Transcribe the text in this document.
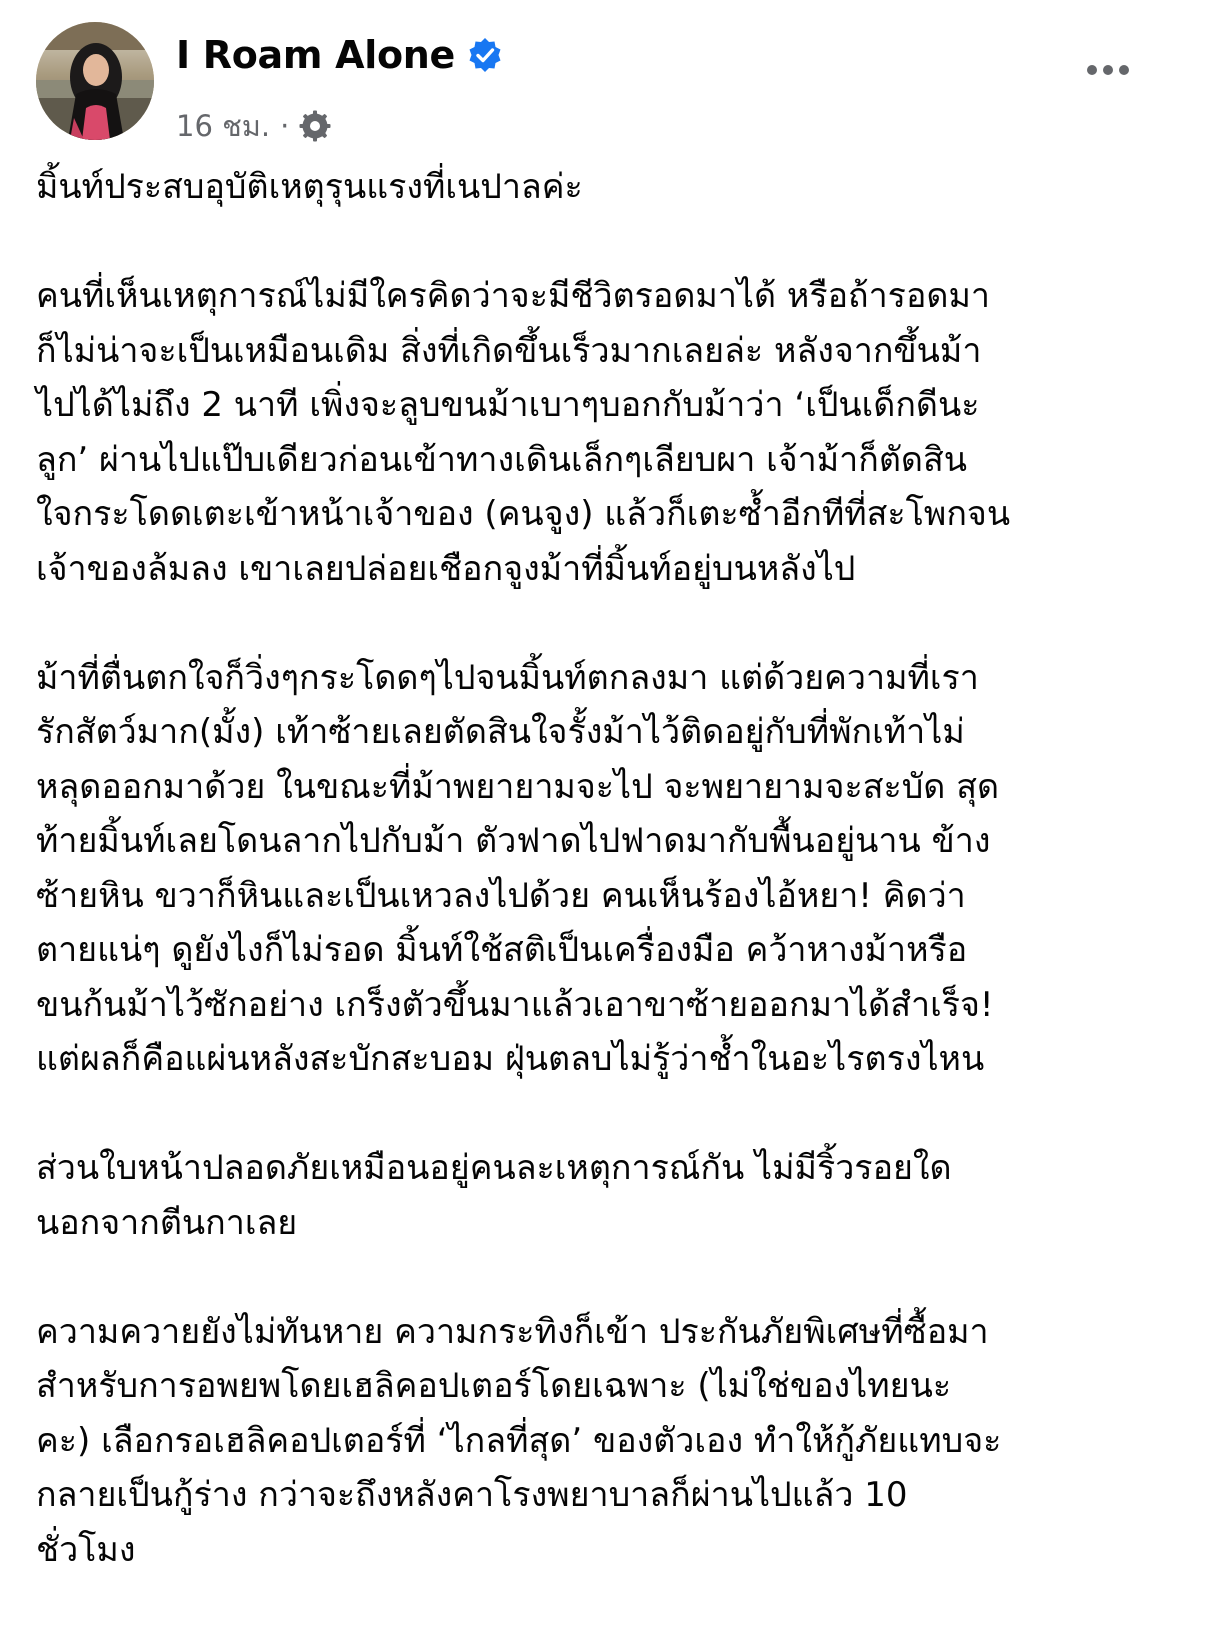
I Roam Alone
16 ชม. ·
มิ้นท์ประสบอุบัติเหตุรุนแรงที่เนปาลค่ะ
คนที่เห็นเหตุการณ์ไม่มีใครคิดว่าจะมีชีวิตรอดมาได้ หรือถ้ารอดมา
ก็ไม่น่าจะเป็นเหมือนเดิม สิ่งที่เกิดขึ้นเร็วมากเลยล่ะ หลังจากขึ้นม้า
ไปได้ไม่ถึง 2 นาที เพิ่งจะลูบขนม้าเบาๆบอกกับม้าว่า ‘เป็นเด็กดีนะ
ลูก’ ผ่านไปแป๊บเดียวก่อนเข้าทางเดินเล็กๆเลียบผา เจ้าม้าก็ตัดสิน
ใจกระโดดเตะเข้าหน้าเจ้าของ (คนจูง) แล้วก็เตะซ้ำอีกทีที่สะโพกจน
เจ้าของล้มลง เขาเลยปล่อยเชือกจูงม้าที่มิ้นท์อยู่บนหลังไป
ม้าที่ตื่นตกใจก็วิ่งๆกระโดดๆไปจนมิ้นท์ตกลงมา แต่ด้วยความที่เรา
รักสัตว์มาก(มั้ง) เท้าซ้ายเลยตัดสินใจรั้งม้าไว้ติดอยู่กับที่พักเท้าไม่
หลุดออกมาด้วย ในขณะที่ม้าพยายามจะไป จะพยายามจะสะบัด สุด
ท้ายมิ้นท์เลยโดนลากไปกับม้า ตัวฟาดไปฟาดมากับพื้นอยู่นาน ข้าง
ซ้ายหิน ขวาก็หินและเป็นเหวลงไปด้วย คนเห็นร้องไอ้หยา! คิดว่า
ตายแน่ๆ ดูยังไงก็ไม่รอด มิ้นท์ใช้สติเป็นเครื่องมือ คว้าหางม้าหรือ
ขนก้นม้าไว้ซักอย่าง เกร็งตัวขึ้นมาแล้วเอาขาซ้ายออกมาได้สำเร็จ!
แต่ผลก็คือแผ่นหลังสะบักสะบอม ฝุ่นตลบไม่รู้ว่าช้ำในอะไรตรงไหน
ส่วนใบหน้าปลอดภัยเหมือนอยู่คนละเหตุการณ์กัน ไม่มีริ้วรอยใด
นอกจากตีนกาเลย
ความควายยังไม่ทันหาย ความกระทิงก็เข้า ประกันภัยพิเศษที่ซื้อมา
สำหรับการอพยพโดยเฮลิคอปเตอร์โดยเฉพาะ (ไม่ใช่ของไทยนะ
คะ) เลือกรอเฮลิคอปเตอร์ที่ ‘ไกลที่สุด’ ของตัวเอง ทำให้กู้ภัยแทบจะ
กลายเป็นกู้ร่าง กว่าจะถึงหลังคาโรงพยาบาลก็ผ่านไปแล้ว 10
ชั่วโมง
